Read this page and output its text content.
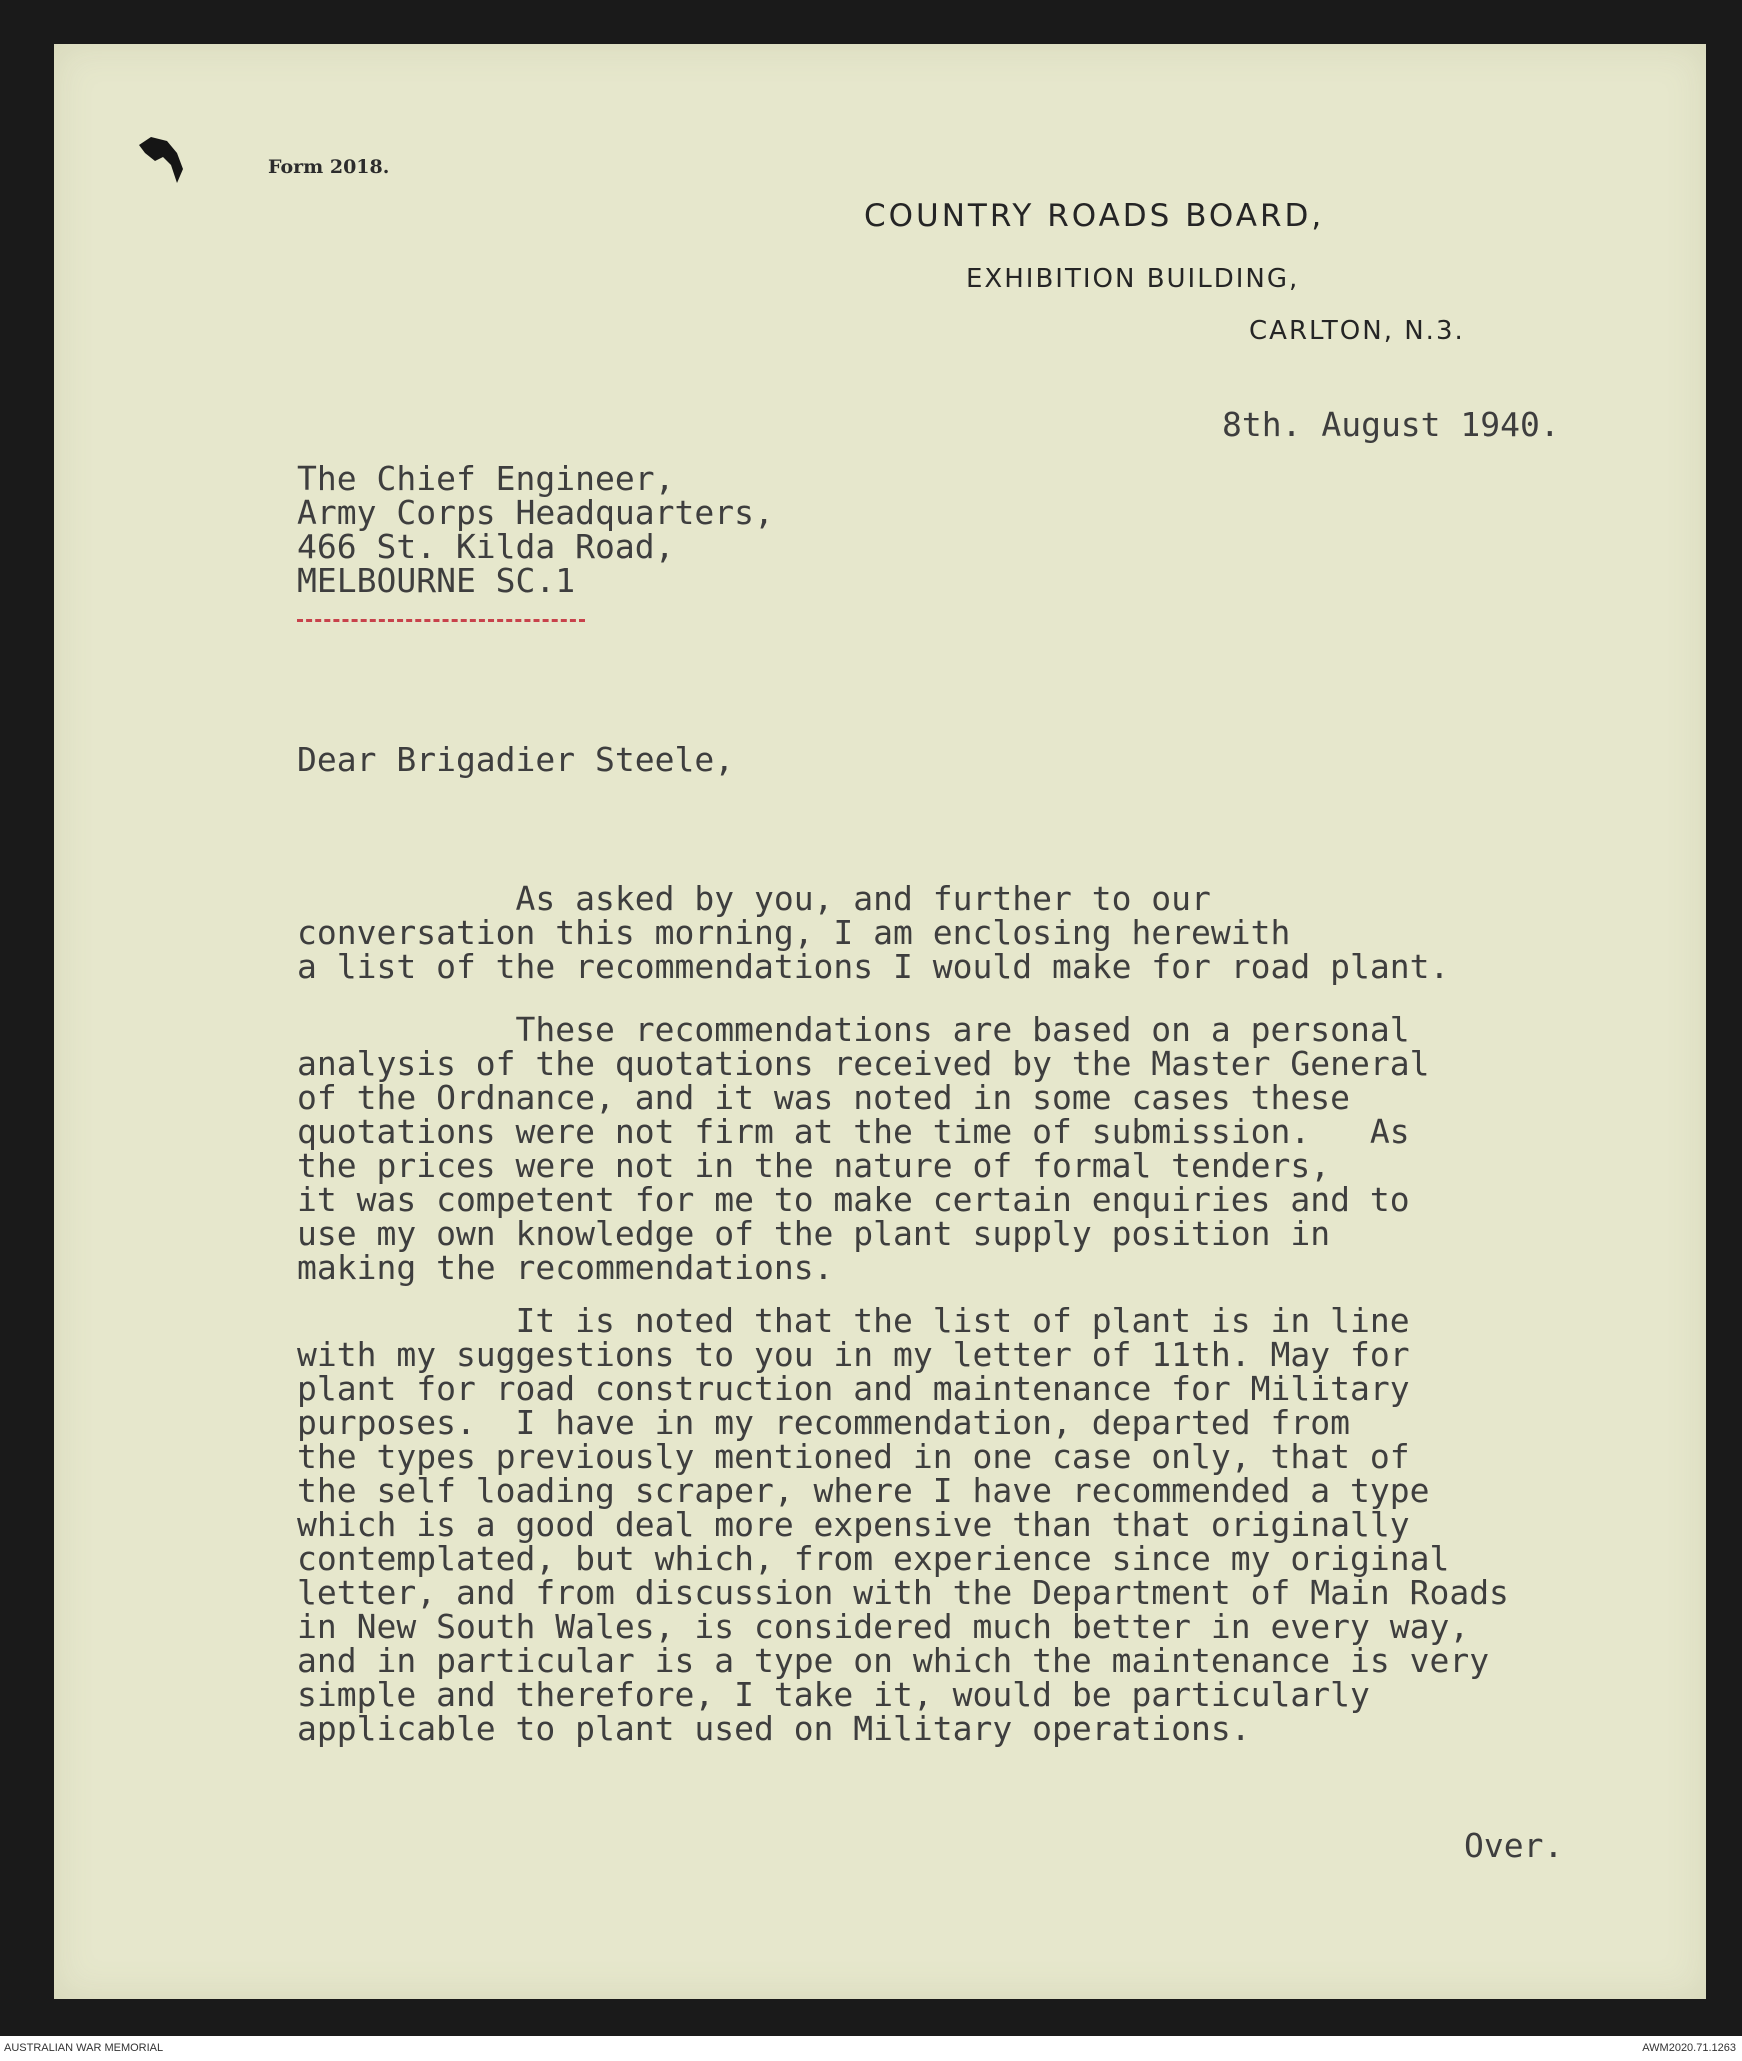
Form 2018.
COUNTRY ROADS BOARD,
EXHIBITION BUILDING,
CARLTON, N.3.
8th. August 1940.
The Chief Engineer,
Army Corps Headquarters,
466 St. Kilda Road,
MELBOURNE SC.1
Dear Brigadier Steele,
As asked by you, and further to our
conversation this morning, I am enclosing herewith
a list of the recommendations I would make for road plant.
These recommendations are based on a personal
analysis of the quotations received by the Master General
of the Ordnance, and it was noted in some cases these
quotations were not firm at the time of submission.   As
the prices were not in the nature of formal tenders,
it was competent for me to make certain enquiries and to
use my own knowledge of the plant supply position in
making the recommendations.
It is noted that the list of plant is in line
with my suggestions to you in my letter of 11th. May for
plant for road construction and maintenance for Military
purposes.  I have in my recommendation, departed from
the types previously mentioned in one case only, that of
the self loading scraper, where I have recommended a type
which is a good deal more expensive than that originally
contemplated, but which, from experience since my original
letter, and from discussion with the Department of Main Roads
in New South Wales, is considered much better in every way,
and in particular is a type on which the maintenance is very
simple and therefore, I take it, would be particularly
applicable to plant used on Military operations.
Over.
AUSTRALIAN WAR MEMORIAL	AWM2020.71.1263
